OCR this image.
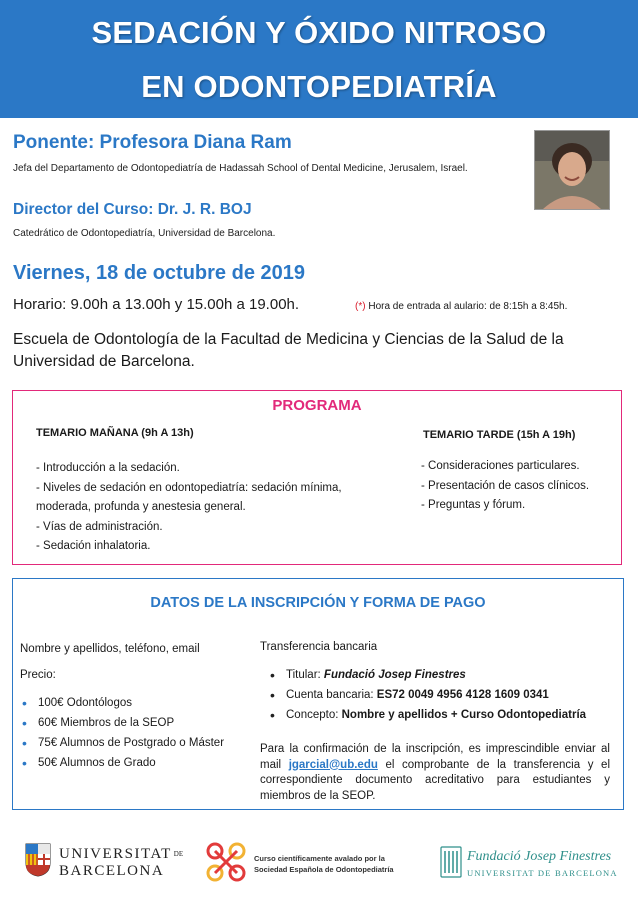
SEDACIÓN Y ÓXIDO NITROSO
EN ODONTOPEDIATRÍA
Ponente: Profesora Diana Ram
Jefa del Departamento de Odontopediatría de Hadassah School of Dental Medicine, Jerusalem, Israel.
Director del Curso: Dr. J. R. BOJ
Catedrático de Odontopediatría, Universidad de Barcelona.
Viernes, 18 de octubre de 2019
Horario: 9.00h a 13.00h y 15.00h a 19.00h.	(*) Hora de entrada al aulario: de 8:15h a 8:45h.
Escuela de Odontología de la Facultad de Medicina y Ciencias de la Salud de la Universidad de Barcelona.
PROGRAMA
TEMARIO MAÑANA (9h A 13h)
- Introducción a la sedación.
- Niveles de sedación en odontopediatría: sedación mínima,
moderada, profunda y anestesia general.
- Vías de administración.
- Sedación inhalatoria.
TEMARIO TARDE (15h A 19h)
- Consideraciones particulares.
- Presentación de casos clínicos.
- Preguntas y fórum.
DATOS DE LA INSCRIPCIÓN Y FORMA DE PAGO
Nombre y apellidos, teléfono, email
Precio:
• 100€ Odontólogos
• 60€ Miembros de la SEOP
• 75€ Alumnos de Postgrado o Máster
• 50€ Alumnos de Grado
Transferencia bancaria
• Titular: Fundació Josep Finestres
• Cuenta bancaria: ES72 0049 4956 4128 1609 0341
• Concepto: Nombre y apellidos + Curso Odontopediatría
Para la confirmación de la inscripción, es imprescindible enviar al mail jgarcial@ub.edu el comprobante de la transferencia y el correspondiente documento acreditativo para estudiantes y miembros de la SEOP.
UNIVERSITAT DE
BARCELONA
Curso científicamente avalado por la
Sociedad Española de Odontopediatría
Fundació Josep Finestres
UNIVERSITAT DE BARCELONA
